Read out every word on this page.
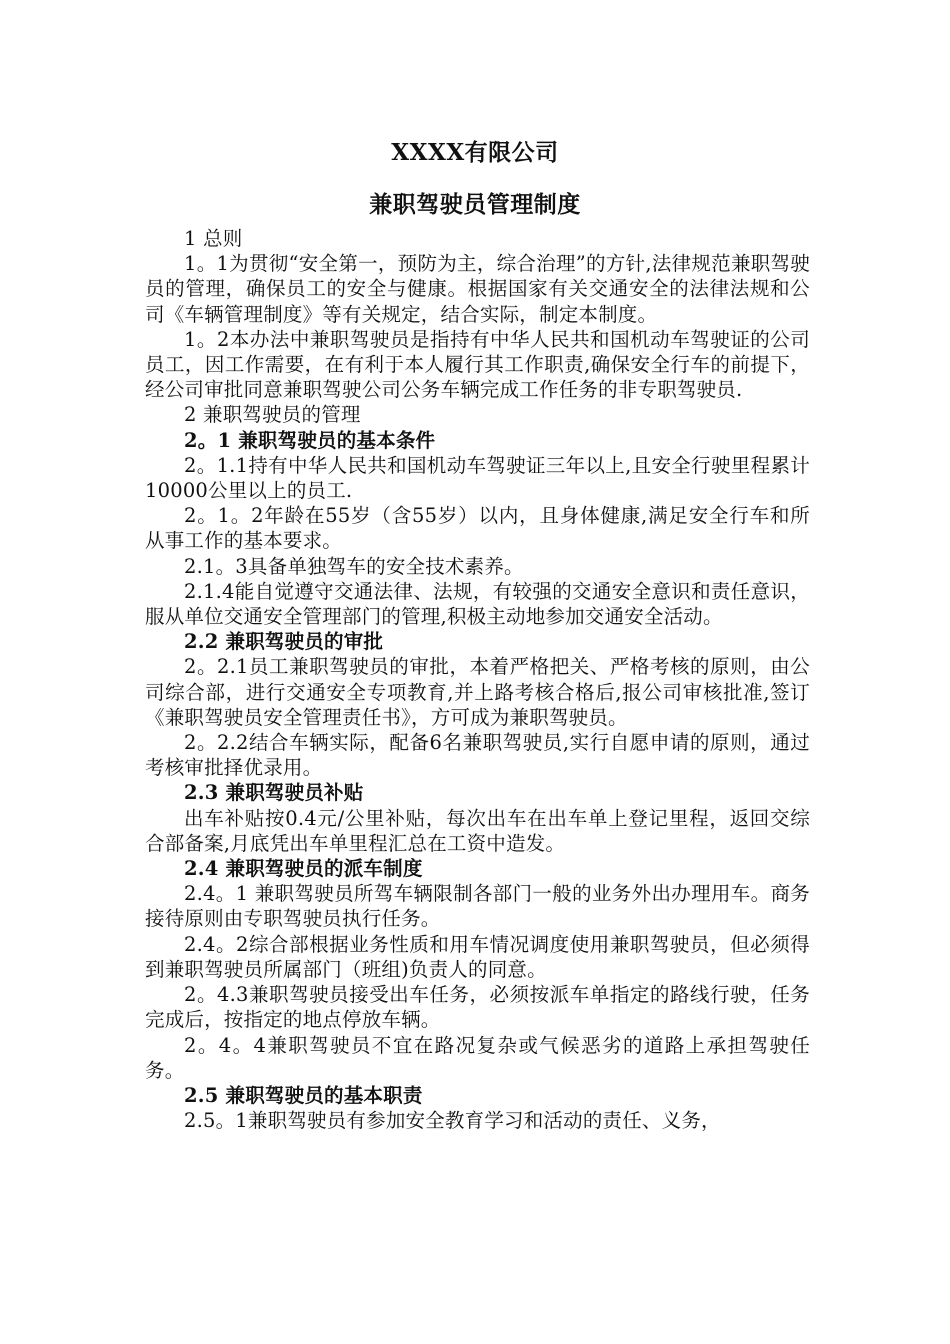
XXXX有限公司
兼职驾驶员管理制度

1 总则

1。1为贯彻“安全第一，预防为主，综合治理”的方针,法律规范兼职驾驶员的管理，确保员工的安全与健康。根据国家有关交通安全的法律法规和公司《车辆管理制度》等有关规定，结合实际，制定本制度。

1。2本办法中兼职驾驶员是指持有中华人民共和国机动车驾驶证的公司员工，因工作需要，在有利于本人履行其工作职责,确保安全行车的前提下，经公司审批同意兼职驾驶公司公务车辆完成工作任务的非专职驾驶员.

2 兼职驾驶员的管理

2。1 兼职驾驶员的基本条件

2。1.1持有中华人民共和国机动车驾驶证三年以上,且安全行驶里程累计10000公里以上的员工.

2。1。2年龄在55岁（含55岁）以内，且身体健康,满足安全行车和所从事工作的基本要求。

2.1。3具备单独驾车的安全技术素养。

2.1.4能自觉遵守交通法律、法规，有较强的交通安全意识和责任意识，服从单位交通安全管理部门的管理,积极主动地参加交通安全活动。

2.2 兼职驾驶员的审批

2。2.1员工兼职驾驶员的审批，本着严格把关、严格考核的原则，由公司综合部，进行交通安全专项教育,并上路考核合格后,报公司审核批准,签订《兼职驾驶员安全管理责任书》，方可成为兼职驾驶员。

2。2.2结合车辆实际，配备6名兼职驾驶员,实行自愿申请的原则，通过考核审批择优录用。

2.3 兼职驾驶员补贴

出车补贴按0.4元/公里补贴，每次出车在出车单上登记里程，返回交综合部备案,月底凭出车单里程汇总在工资中造发。

2.4 兼职驾驶员的派车制度

2.4。1 兼职驾驶员所驾车辆限制各部门一般的业务外出办理用车。商务接待原则由专职驾驶员执行任务。

2.4。2综合部根据业务性质和用车情况调度使用兼职驾驶员，但必须得到兼职驾驶员所属部门（班组)负责人的同意。

2。4.3兼职驾驶员接受出车任务，必须按派车单指定的路线行驶，任务完成后，按指定的地点停放车辆。

2。4。4兼职驾驶员不宜在路况复杂或气候恶劣的道路上承担驾驶任务。

2.5 兼职驾驶员的基本职责

2.5。1兼职驾驶员有参加安全教育学习和活动的责任、义务，
